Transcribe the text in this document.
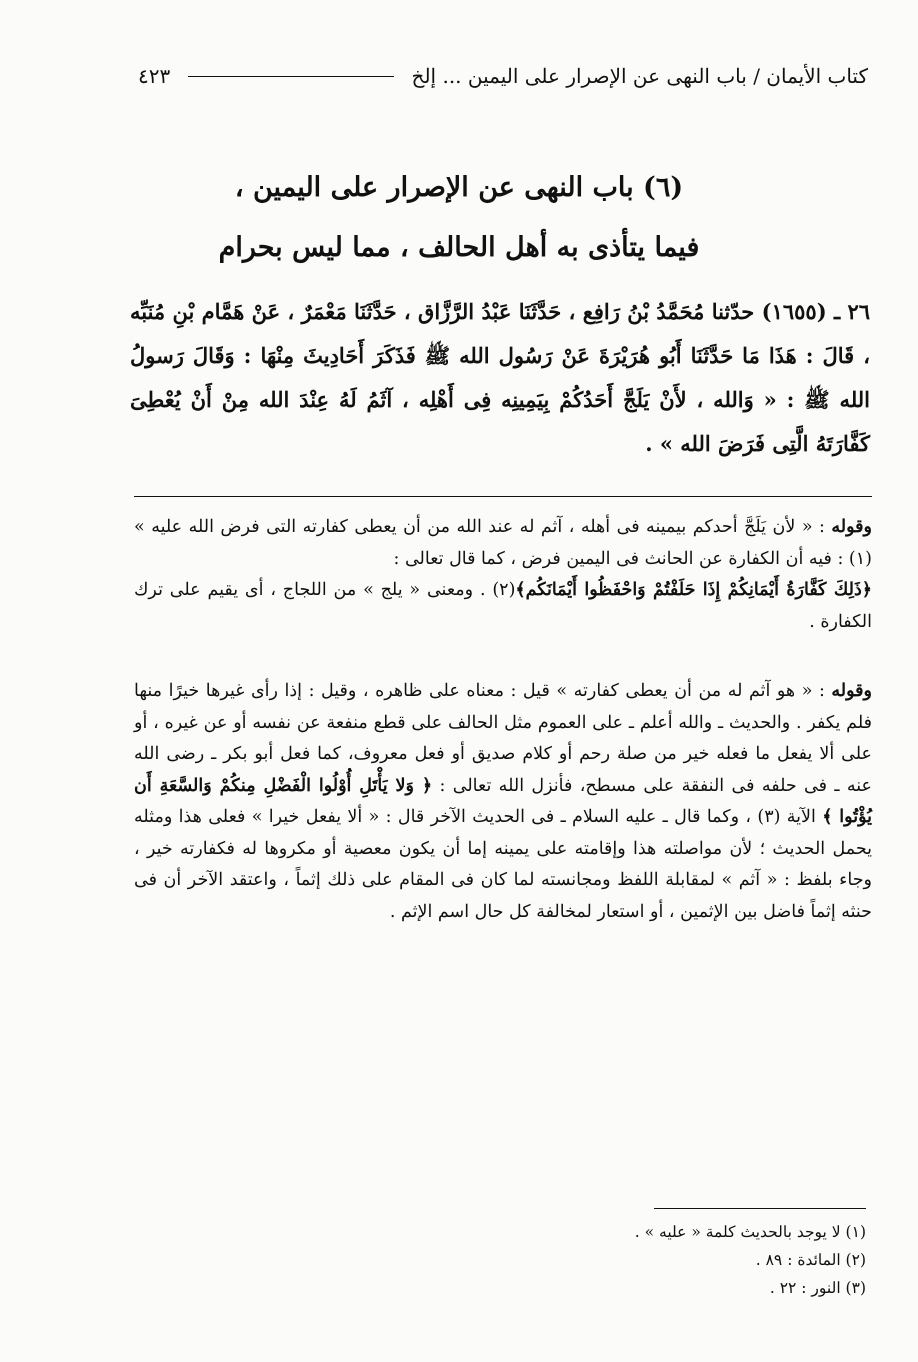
كتاب الأيمان / باب النهى عن الإصرار على اليمين ... إلخ
٤٢٣
(٦) باب النهى عن الإصرار على اليمين ،
فيما يتأذى به أهل الحالف ، مما ليس بحرام
٢٦ ـ (١٦٥٥) حدّثنا مُحَمَّدُ بْنُ رَافِع ، حَدَّثَنَا عَبْدُ الرَّزَّاق ، حَدَّثَنَا مَعْمَرٌ ، عَنْ هَمَّام بْنِ مُنَبِّه ، قَالَ : هَذَا مَا حَدَّثَنَا أَبُو هُرَيْرَةَ عَنْ رَسُول الله ﷺ فَذَكَرَ أَحَادِيثَ مِنْهَا : وَقَالَ رَسولُ الله ﷺ : « وَالله ، لأَنْ يَلَجَّ أَحَدُكُمْ بِيَمِينِه فِى أَهْلِه ، آثَمُ لَهُ عِنْدَ الله مِنْ أَنْ يُعْطِىَ كَفَّارَتَهُ الَّتِى فَرَضَ الله » .
وقوله : « لأن يَلَجَّ أحدكم بيمينه فى أهله ، آثم له عند الله من أن يعطى كفارته التى فرض الله عليه » (١) : فيه أن الكفارة عن الحانث فى اليمين فرض ، كما قال تعالى :
﴿ذَلِكَ كَفَّارَةُ أَيْمَانِكُمْ إِذَا حَلَفْتُمْ وَاحْفَظُوا أَيْمَانَكُم﴾(٢) . ومعنى « يلج » من اللجاج ، أى يقيم على ترك الكفارة .
وقوله : « هو آثم له من أن يعطى كفارته » قيل : معناه على ظاهره ، وقيل : إذا رأى غيرها خيرًا منها فلم يكفر . والحديث ـ والله أعلم ـ على العموم مثل الحالف على قطع منفعة عن نفسه أو عن غيره ، أو على ألا يفعل ما فعله خير من صلة رحم أو كلام صديق أو فعل معروف، كما فعل أبو بكر ـ رضى الله عنه ـ فى حلفه فى النفقة على مسطح، فأنزل الله تعالى : ﴿ وَلا يَأْتَلِ أُوْلُوا الْفَضْلِ مِنكُمْ وَالسَّعَةِ أَن يُؤْتُوا ﴾ الآية (٣) ، وكما قال ـ عليه السلام ـ فى الحديث الآخر قال : « ألا يفعل خيرا » فعلى هذا ومثله يحمل الحديث ؛ لأن مواصلته هذا وإقامته على يمينه إما أن يكون معصية أو مكروها له فكفارته خير ، وجاء بلفظ : « آثم » لمقابلة اللفظ ومجانسته لما كان فى المقام على ذلك إثماً ، واعتقد الآخر أن فى حنثه إثماً فاضل بين الإثمين ، أو استعار لمخالفة كل حال اسم الإثم .
(١) لا يوجد بالحديث كلمة « عليه » .
(٢) المائدة : ٨٩ .
(٣) النور : ٢٢ .
